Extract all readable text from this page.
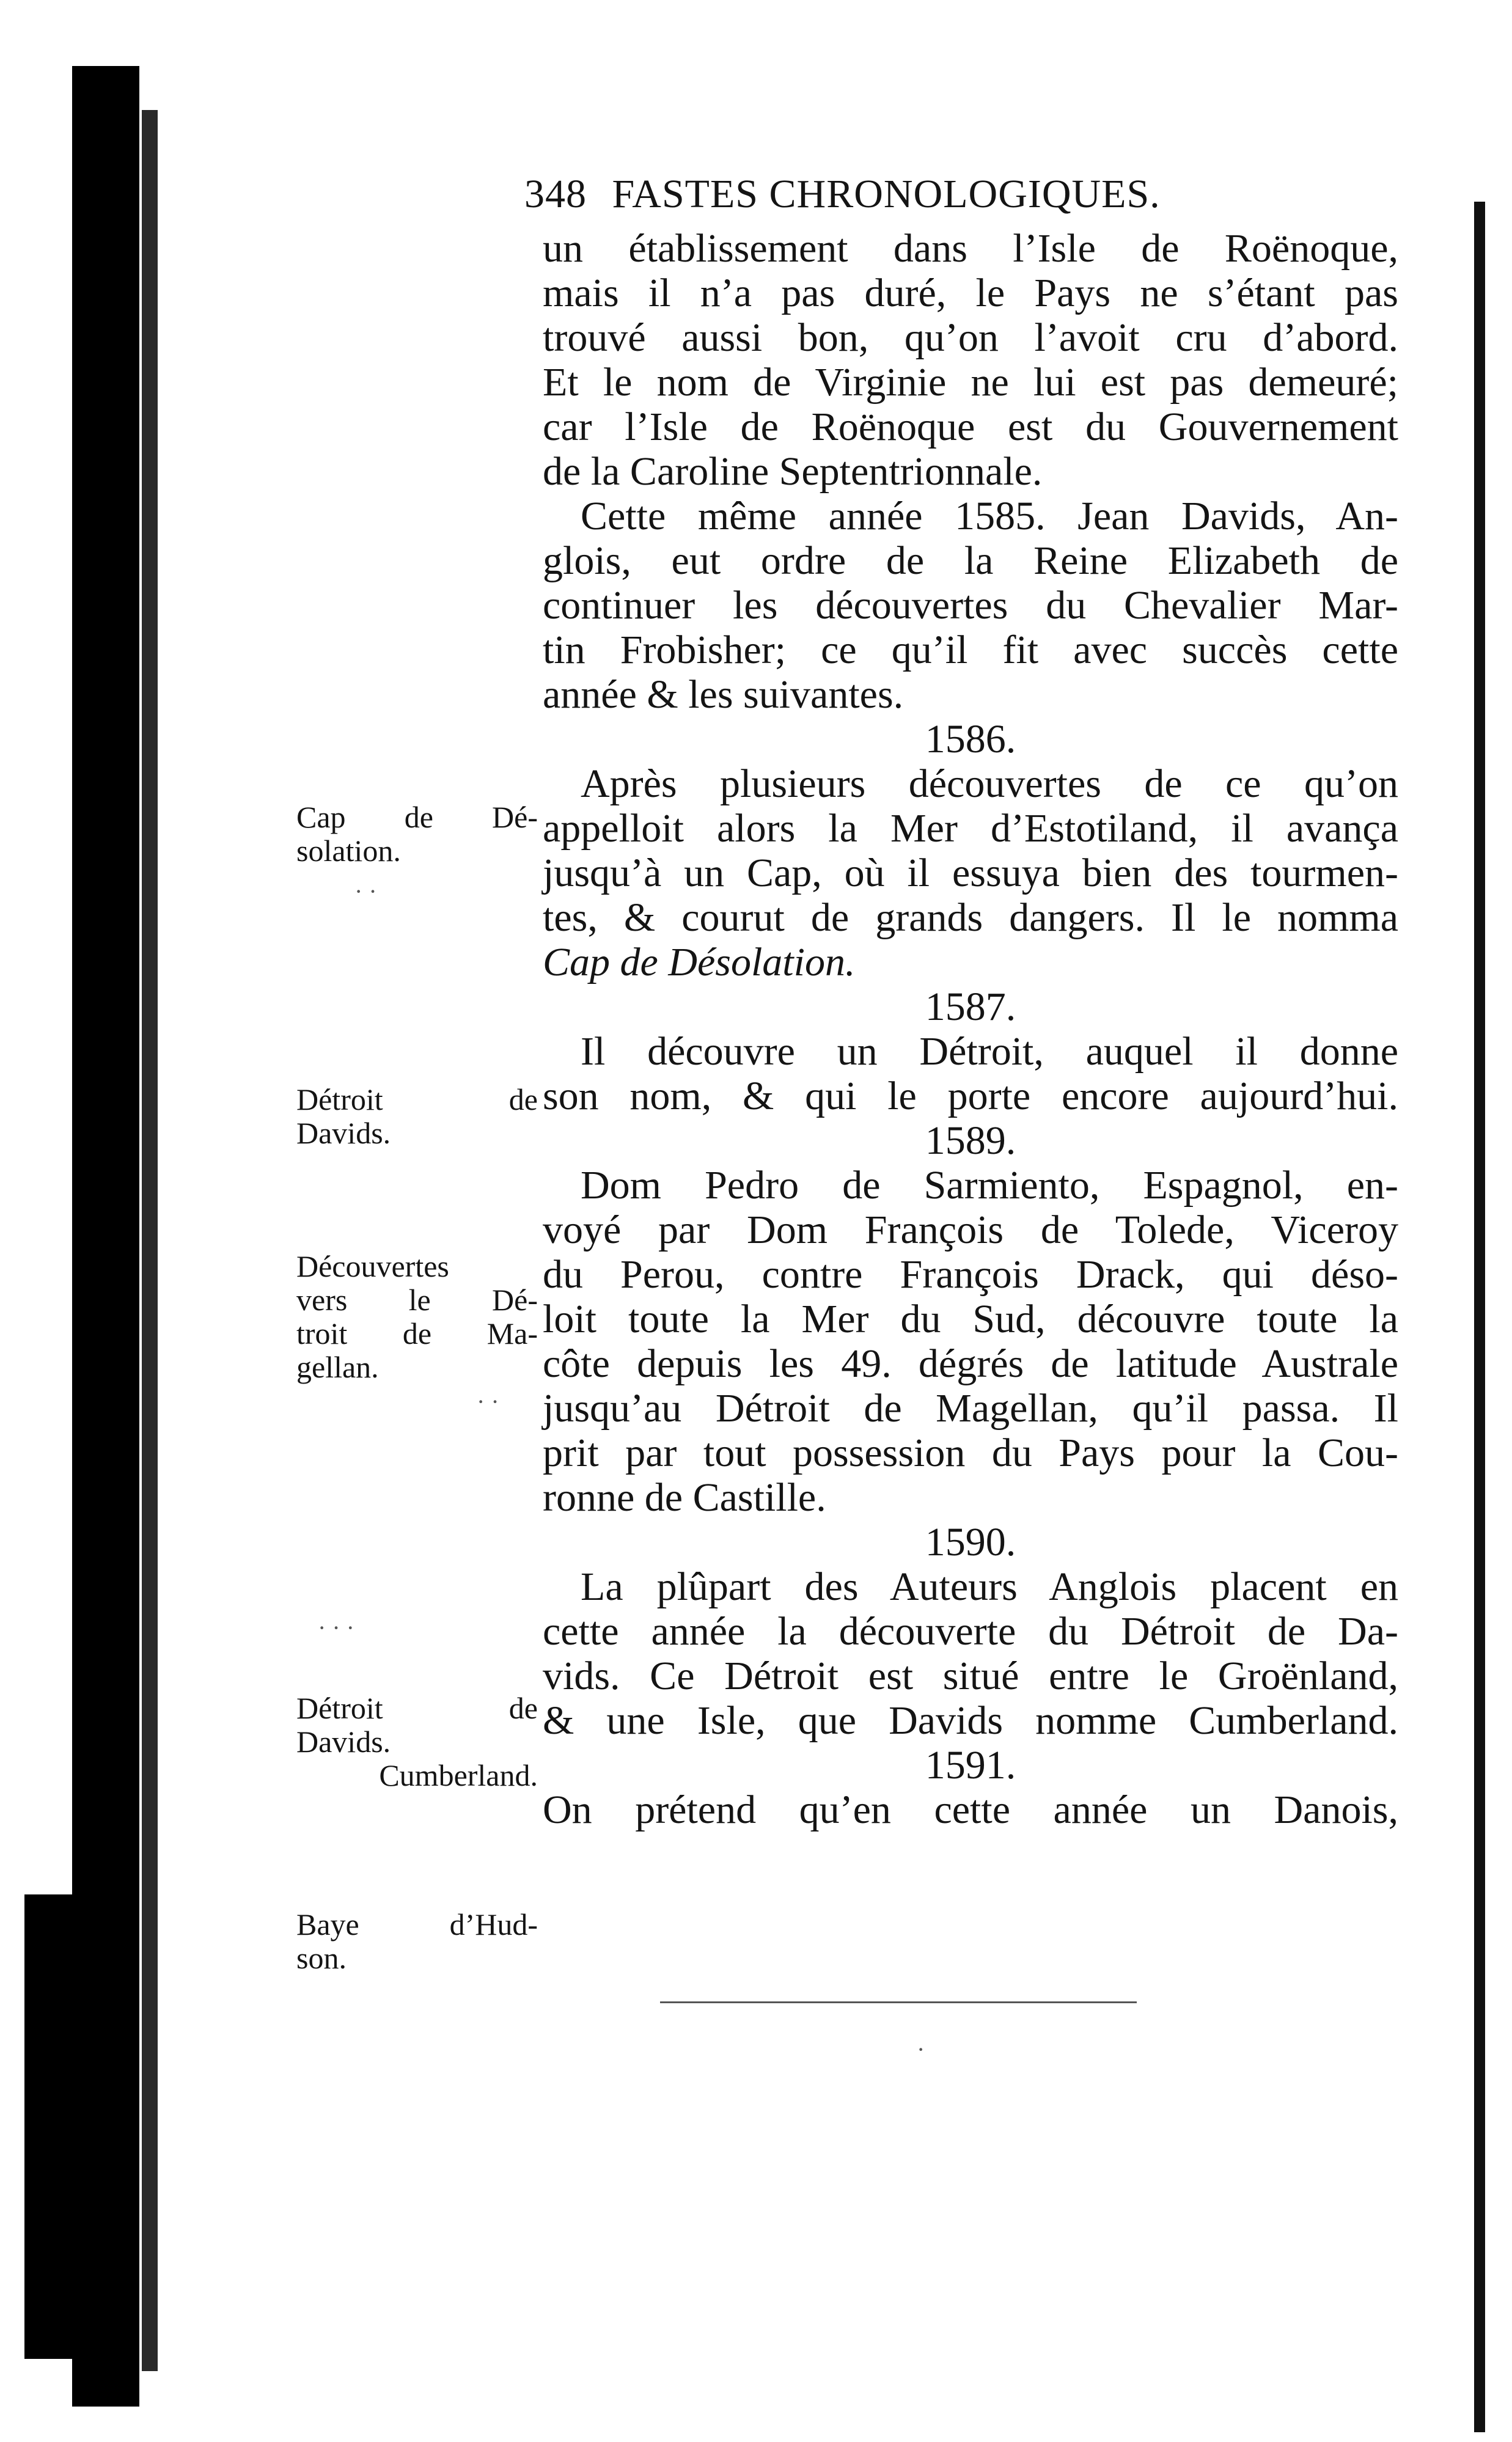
348 FASTES CHRONOLOGIQUES.
un établissement dans l’Isle de Roënoque,
mais il n’a pas duré, le Pays ne s’étant pas
trouvé aussi bon, qu’on l’avoit cru d’abord.
Et le nom de Virginie ne lui est pas demeuré;
car l’Isle de Roënoque est du Gouvernement
de la Caroline Septentrionnale.
Cette même année 1585. Jean Davids, An-
glois, eut ordre de la Reine Elizabeth de
continuer les découvertes du Chevalier Mar-
tin Frobisher; ce qu’il fit avec succès cette
année & les suivantes.
1586.
Après plusieurs découvertes de ce qu’on
appelloit alors la Mer d’Estotiland, il avança
jusqu’à un Cap, où il essuya bien des tourmen-
tes, & courut de grands dangers. Il le nomma
Cap de Désolation.
1587.
Il découvre un Détroit, auquel il donne
son nom, & qui le porte encore aujourd’hui.
1589.
Dom Pedro de Sarmiento, Espagnol, en-
voyé par Dom François de Tolede, Viceroy
du Perou, contre François Drack, qui déso-
loit toute la Mer du Sud, découvre toute la
côte depuis les 49. dégrés de latitude Australe
jusqu’au Détroit de Magellan, qu’il passa. Il
prit par tout possession du Pays pour la Cou-
ronne de Castille.
1590.
La plûpart des Auteurs Anglois placent en
cette année la découverte du Détroit de Da-
vids. Ce Détroit est situé entre le Groënland,
& une Isle, que Davids nomme Cumberland.
1591.
On prétend qu’en cette année un Danois,
Cap de Dé-
solation.
Détroit de
Davids.
Découvertes
vers le Dé-
troit de Ma-
gellan.
Détroit de
Davids.
Cumberland.
Baye d’Hud-
son.
· ·
· ·
· · ·
·
